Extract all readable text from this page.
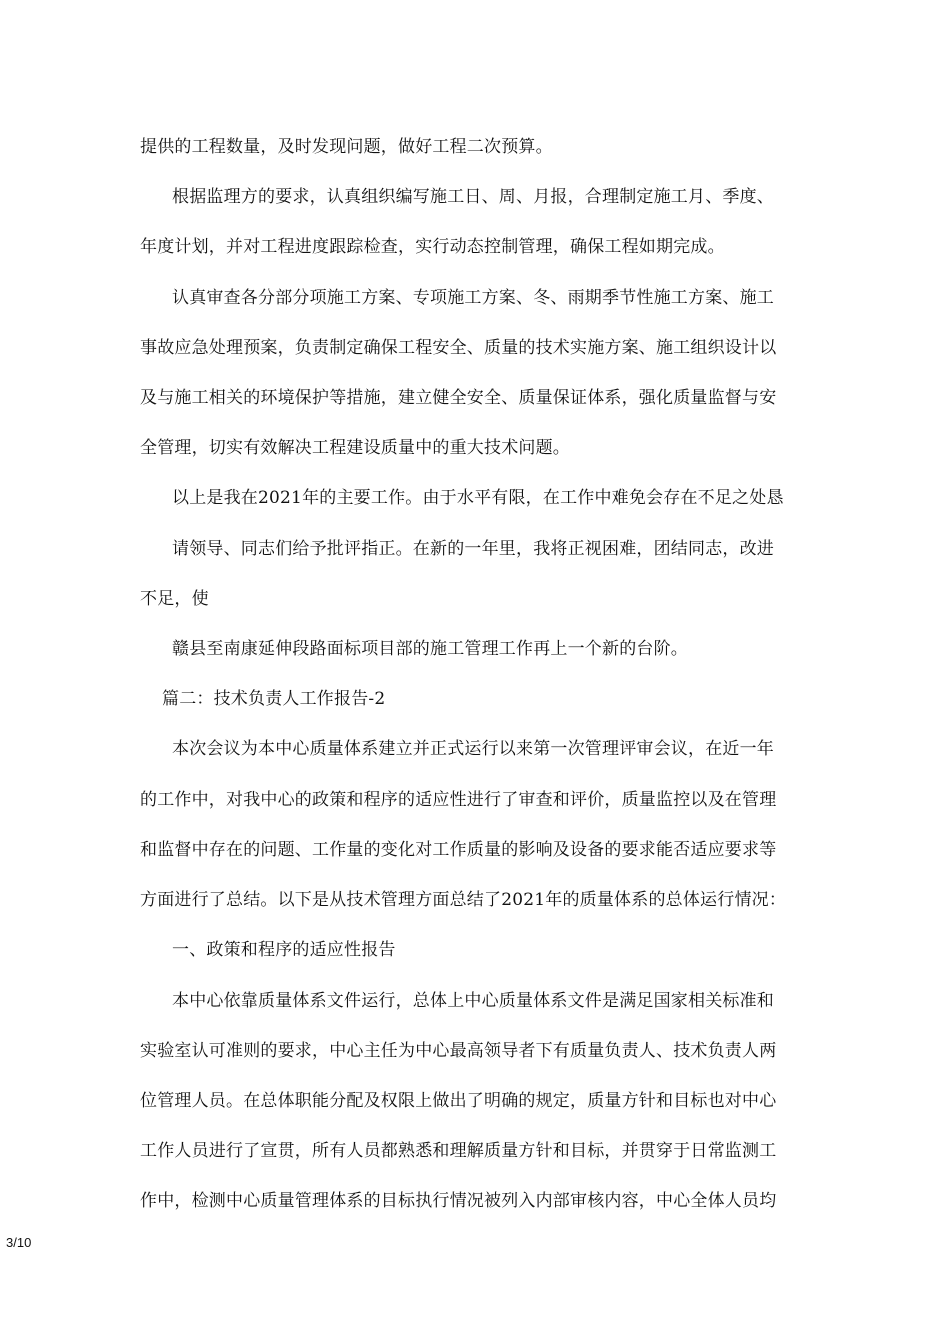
提供的工程数量，及时发现问题，做好工程二次预算。
根据监理方的要求，认真组织编写施工日、周、月报，合理制定施工月、季度、
年度计划，并对工程进度跟踪检查，实行动态控制管理，确保工程如期完成。
认真审查各分部分项施工方案、专项施工方案、冬、雨期季节性施工方案、施工
事故应急处理预案，负责制定确保工程安全、质量的技术实施方案、施工组织设计以
及与施工相关的环境保护等措施，建立健全安全、质量保证体系，强化质量监督与安
全管理，切实有效解决工程建设质量中的重大技术问题。
以上是我在2021年的主要工作。由于水平有限，在工作中难免会存在不足之处恳
请领导、同志们给予批评指正。在新的一年里，我将正视困难，团结同志，改进
不足，使
赣县至南康延伸段路面标项目部的施工管理工作再上一个新的台阶。
篇二：技术负责人工作报告-2
本次会议为本中心质量体系建立并正式运行以来第一次管理评审会议，在近一年
的工作中，对我中心的政策和程序的适应性进行了审查和评价，质量监控以及在管理
和监督中存在的问题、工作量的变化对工作质量的影响及设备的要求能否适应要求等
方面进行了总结。以下是从技术管理方面总结了2021年的质量体系的总体运行情况：
一、政策和程序的适应性报告
本中心依靠质量体系文件运行，总体上中心质量体系文件是满足国家相关标准和
实验室认可准则的要求，中心主任为中心最高领导者下有质量负责人、技术负责人两
位管理人员。在总体职能分配及权限上做出了明确的规定，质量方针和目标也对中心
工作人员进行了宣贯，所有人员都熟悉和理解质量方针和目标，并贯穿于日常监测工
作中，检测中心质量管理体系的目标执行情况被列入内部审核内容，中心全体人员均
3/10
